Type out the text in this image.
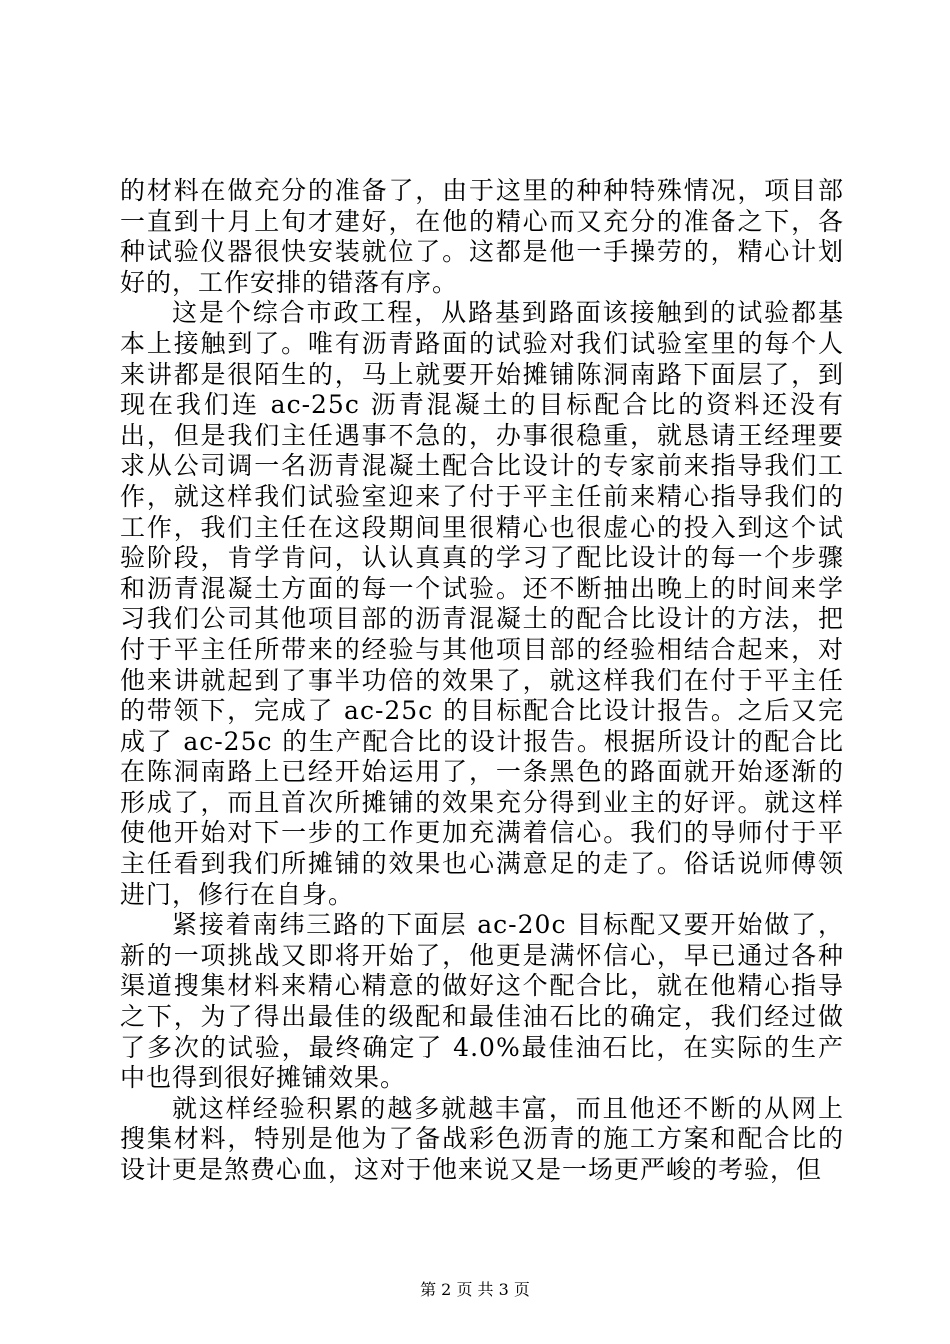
的材料在做充分的准备了，由于这里的种种特殊情况，项目部一直到十月上旬才建好，在他的精心而又充分的准备之下，各种试验仪器很快安装就位了。这都是他一手操劳的，精心计划好的，工作安排的错落有序。

这是个综合市政工程，从路基到路面该接触到的试验都基本上接触到了。唯有沥青路面的试验对我们试验室里的每个人来讲都是很陌生的，马上就要开始摊铺陈洞南路下面层了，到现在我们连 ac-25c 沥青混凝土的目标配合比的资料还没有出，但是我们主任遇事不急的，办事很稳重，就恳请王经理要求从公司调一名沥青混凝土配合比设计的专家前来指导我们工作，就这样我们试验室迎来了付于平主任前来精心指导我们的工作，我们主任在这段期间里很精心也很虚心的投入到这个试验阶段，肯学肯问，认认真真的学习了配比设计的每一个步骤和沥青混凝土方面的每一个试验。还不断抽出晚上的时间来学习我们公司其他项目部的沥青混凝土的配合比设计的方法，把付于平主任所带来的经验与其他项目部的经验相结合起来，对他来讲就起到了事半功倍的效果了，就这样我们在付于平主任的带领下，完成了 ac-25c 的目标配合比设计报告。之后又完成了 ac-25c 的生产配合比的设计报告。根据所设计的配合比在陈洞南路上已经开始运用了，一条黑色的路面就开始逐渐的形成了，而且首次所摊铺的效果充分得到业主的好评。就这样使他开始对下一步的工作更加充满着信心。我们的导师付于平主任看到我们所摊铺的效果也心满意足的走了。俗话说师傅领进门，修行在自身。

紧接着南纬三路的下面层 ac-20c 目标配又要开始做了，新的一项挑战又即将开始了，他更是满怀信心，早已通过各种渠道搜集材料来精心精意的做好这个配合比，就在他精心指导之下，为了得出最佳的级配和最佳油石比的确定，我们经过做了多次的试验，最终确定了 4.0%最佳油石比，在实际的生产中也得到很好摊铺效果。

就这样经验积累的越多就越丰富，而且他还不断的从网上搜集材料，特别是他为了备战彩色沥青的施工方案和配合比的设计更是煞费心血，这对于他来说又是一场更严峻的考验，但

第 2 页 共 3 页
